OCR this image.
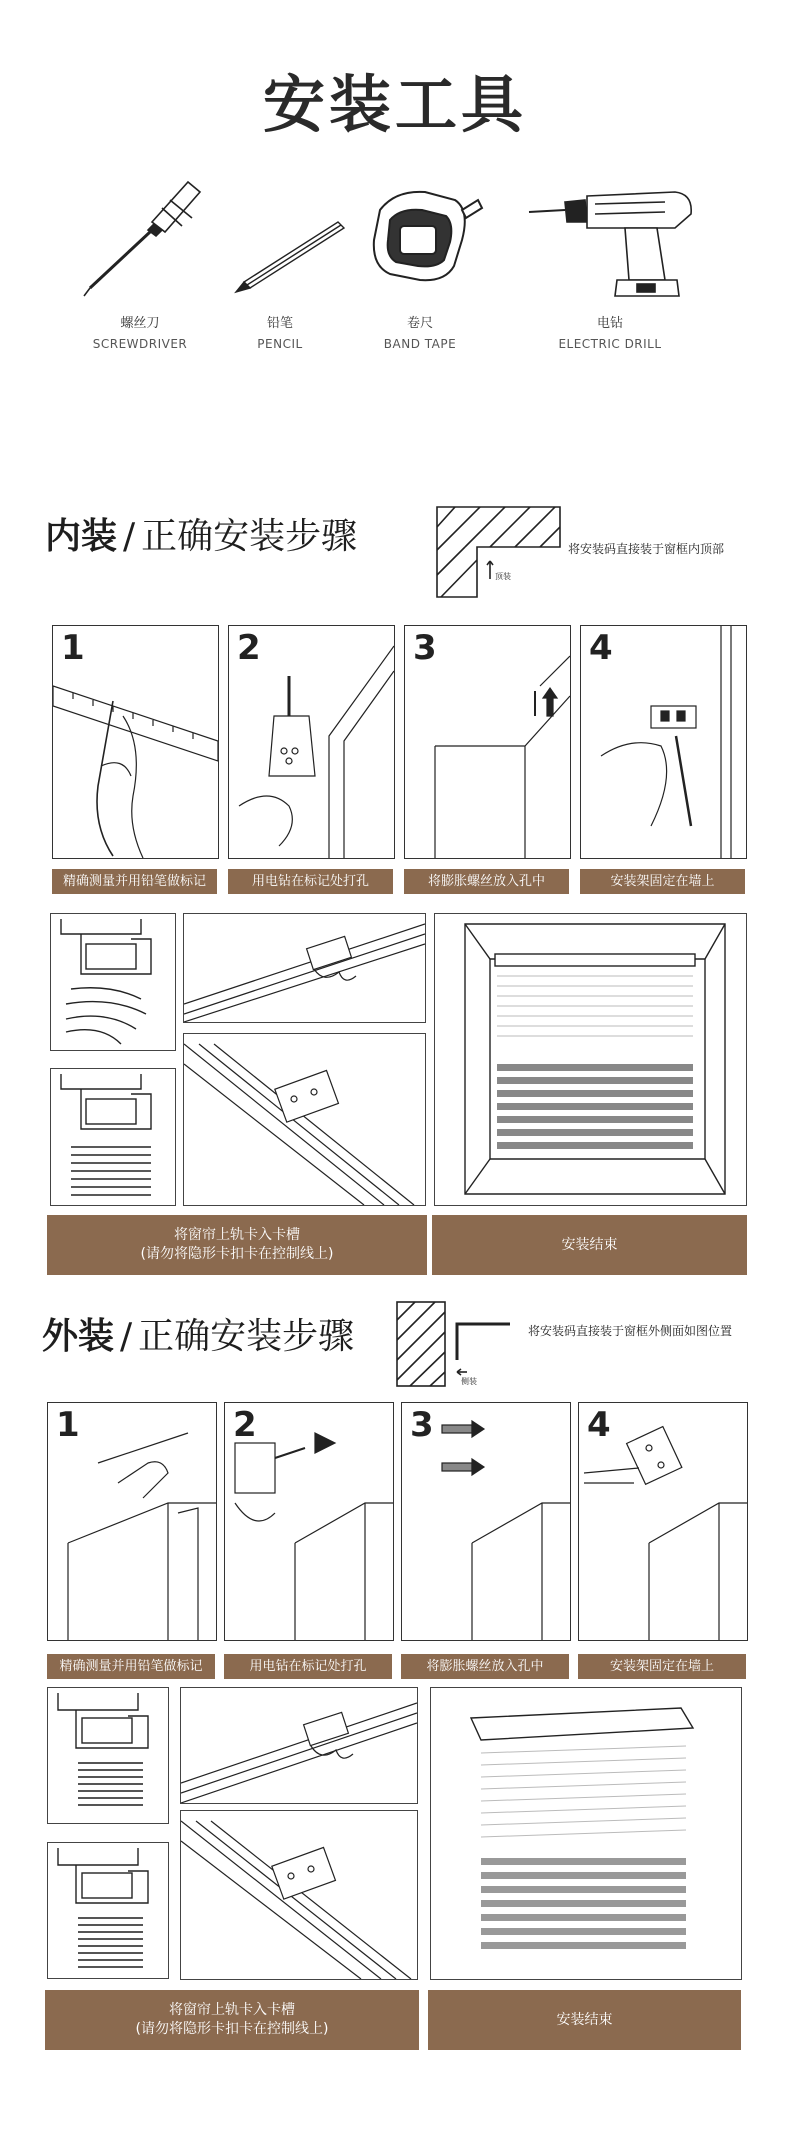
安装工具
螺丝刀
SCREWDRIVER
铅笔
PENCIL
卷尺
BAND TAPE
电钻
ELECTRIC DRILL
内装 / 正确安装步骤
顶装
将安装码直接装于窗框内顶部
1	2	3	4
精确测量并用铅笔做标记	用电钻在标记处打孔	将膨胀螺丝放入孔中	安装架固定在墙上
将窗帘上轨卡入卡槽
(请勿将隐形卡扣卡在控制线上)
安装结束
外装 / 正确安装步骤
侧装
将安装码直接装于窗框外侧面如图位置
1	2	3	4
精确测量并用铅笔做标记	用电钻在标记处打孔	将膨胀螺丝放入孔中	安装架固定在墙上
将窗帘上轨卡入卡槽
(请勿将隐形卡扣卡在控制线上)
安装结束
